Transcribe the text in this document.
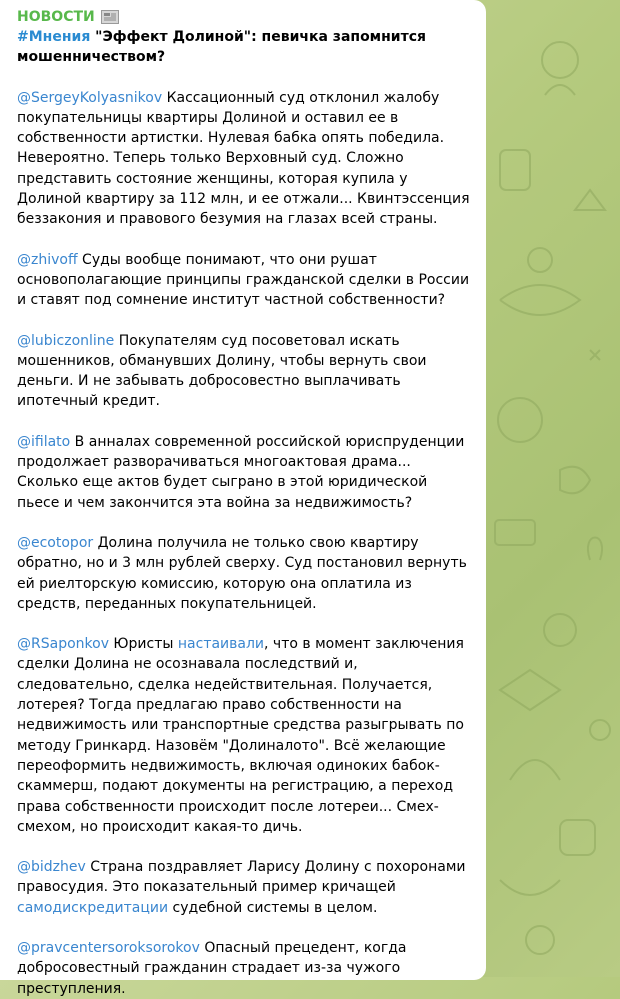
НОВОСТИ

#Мнения "Эффект Долиной": певичка запомнится мошенничеством?

@SergeyKolyasnikov Кассационный суд отклонил жалобу покупательницы квартиры Долиной и оставил ее в собственности артистки. Нулевая бабка опять победила. Невероятно. Теперь только Верховный суд. Сложно представить состояние женщины, которая купила у Долиной квартиру за 112 млн, и ее отжали... Квинтэссенция беззакония и правового безумия на глазах всей страны.

@zhivoff Суды вообще понимают, что они рушат основополагающие принципы гражданской сделки в России и ставят под сомнение институт частной собственности?

@lubiczonline Покупателям суд посоветовал искать мошенников, обманувших Долину, чтобы вернуть свои деньги. И не забывать добросовестно выплачивать ипотечный кредит.

@ifilato В анналах современной российской юриспруденции продолжает разворачиваться многоактовая драма... Сколько еще актов будет сыграно в этой юридической пьесе и чем закончится эта война за недвижимость?

@ecotopor Долина получила не только свою квартиру обратно, но и 3 млн рублей сверху. Суд постановил вернуть ей риелторскую комиссию, которую она оплатила из средств, переданных покупательницей.

@RSaponkov Юристы настаивали, что в момент заключения сделки Долина не осознавала последствий и, следовательно, сделка недействительная. Получается, лотерея? Тогда предлагаю право собственности на недвижимость или транспортные средства разыгрывать по методу Гринкард. Назовём "Долиналото". Всё желающие переоформить недвижимость, включая одиноких бабок-скаммерш, подают документы на регистрацию, а переход права собственности происходит после лотереи... Смех-смехом, но происходит какая-то дичь.

@bidzhev Страна поздравляет Ларису Долину с похоронами правосудия. Это показательный пример кричащей самодискредитации судебной системы в целом.

@pravcentersoroksorokov Опасный прецедент, когда добросовестный гражданин страдает из-за чужого преступления.
